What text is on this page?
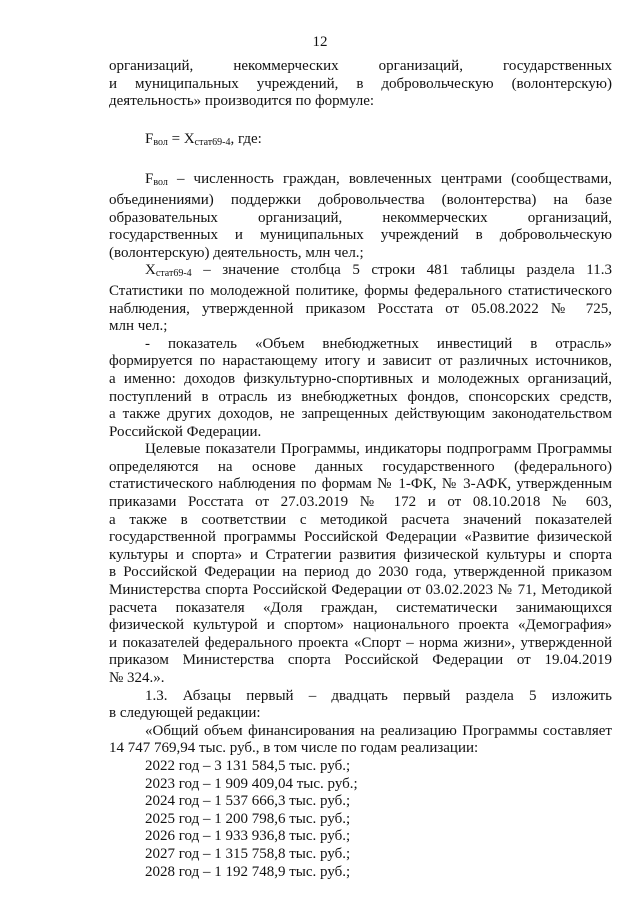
12

организаций, некоммерческих организаций, государственных

и муниципальных учреждений, в добровольческую (волонтерскую)

деятельность» производится по формуле:

$F_{вол} = X_{стат69-4}$, где:

$F_{вол}$ – численность граждан, вовлеченных центрами (сообществами,

объединениями) поддержки добровольчества (волонтерства) на базе

образовательных организаций, некоммерческих организаций,

государственных и муниципальных учреждений в добровольческую

(волонтерскую) деятельность, млн чел.;

$X_{стат69-4}$ – значение столбца 5 строки 481 таблицы раздела 11.3

Статистики по молодежной политике, формы федерального статистического

наблюдения, утвержденной приказом Росстата от 05.08.2022 № 725,

млн чел.;

- показатель «Объем внебюджетных инвестиций в отрасль»

формируется по нарастающему итогу и зависит от различных источников,

а именно: доходов физкультурно-спортивных и молодежных организаций,

поступлений в отрасль из внебюджетных фондов, спонсорских средств,

а также других доходов, не запрещенных действующим законодательством

Российской Федерации.

Целевые показатели Программы, индикаторы подпрограмм Программы

определяются на основе данных государственного (федерального)

статистического наблюдения по формам № 1-ФК, № 3-АФК, утвержденным

приказами Росстата от 27.03.2019 № 172 и от 08.10.2018 № 603,

а также в соответствии с методикой расчета значений показателей

государственной программы Российской Федерации «Развитие физической

культуры и спорта» и Стратегии развития физической культуры и спорта

в Российской Федерации на период до 2030 года, утвержденной приказом

Министерства спорта Российской Федерации от 03.02.2023 № 71, Методикой

расчета показателя «Доля граждан, систематически занимающихся

физической культурой и спортом» национального проекта «Демография»

и показателей федерального проекта «Спорт – норма жизни», утвержденной

приказом Министерства спорта Российской Федерации от 19.04.2019

№ 324.».

1.3. Абзацы первый – двадцать первый раздела 5 изложить

в следующей редакции:

«Общий объем финансирования на реализацию Программы составляет

14 747 769,94 тыс. руб., в том числе по годам реализации:

2022 год – 3 131 584,5 тыс. руб.;

2023 год – 1 909 409,04 тыс. руб.;

2024 год – 1 537 666,3 тыс. руб.;

2025 год – 1 200 798,6 тыс. руб.;

2026 год – 1 933 936,8 тыс. руб.;

2027 год – 1 315 758,8 тыс. руб.;

2028 год – 1 192 748,9 тыс. руб.;
